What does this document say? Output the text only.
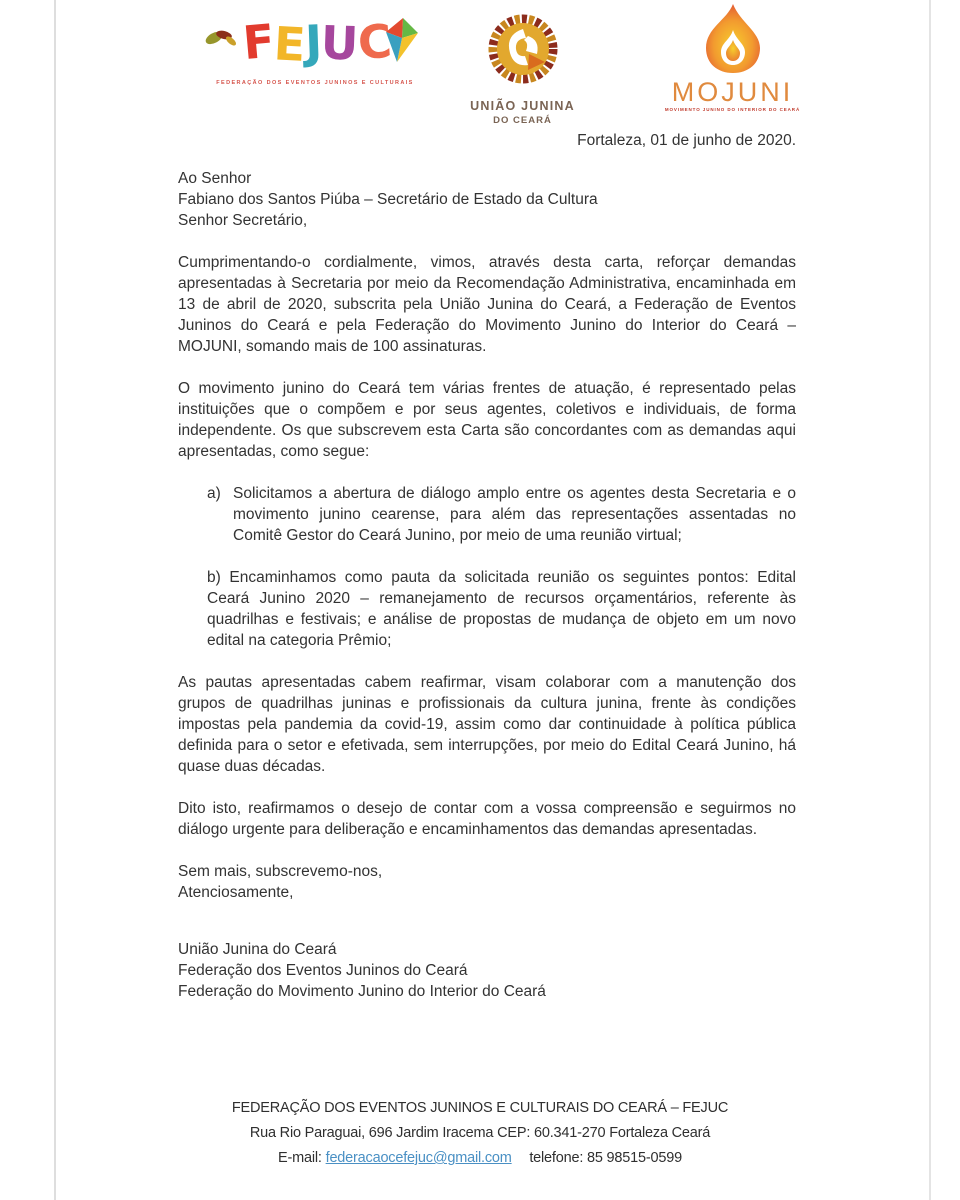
F E J U C
FEDERAÇÃO DOS EVENTOS JUNINOS E CULTURAIS
UNIÃO JUNINA
DO CEARÁ
MOJUNI
MOVIMENTO JUNINO DO INTERIOR DO CEARÁ
Fortaleza, 01 de junho de 2020.
Ao Senhor
Fabiano dos Santos Piúba – Secretário de Estado da Cultura
Senhor Secretário,
Cumprimentando-o cordialmente, vimos, através desta carta, reforçar demandas apresentadas à Secretaria por meio da Recomendação Administrativa, encaminhada em 13 de abril de 2020, subscrita pela União Junina do Ceará, a Federação de Eventos Juninos do Ceará e pela Federação do Movimento Junino do Interior do Ceará – MOJUNI, somando mais de 100 assinaturas.
O movimento junino do Ceará tem várias frentes de atuação, é representado pelas instituições que o compõem e por seus agentes, coletivos e individuais, de forma independente. Os que subscrevem esta Carta são concordantes com as demandas aqui apresentadas, como segue:
a) Solicitamos a abertura de diálogo amplo entre os agentes desta Secretaria e o movimento junino cearense, para além das representações assentadas no Comitê Gestor do Ceará Junino, por meio de uma reunião virtual;
b) Encaminhamos como pauta da solicitada reunião os seguintes pontos: Edital Ceará Junino 2020 – remanejamento de recursos orçamentários, referente às quadrilhas e festivais; e análise de propostas de mudança de objeto em um novo edital na categoria Prêmio;
As pautas apresentadas cabem reafirmar, visam colaborar com a manutenção dos grupos de quadrilhas juninas e profissionais da cultura junina, frente às condições impostas pela pandemia da covid-19, assim como dar continuidade à política pública definida para o setor e efetivada, sem interrupções, por meio do Edital Ceará Junino, há quase duas décadas.
Dito isto, reafirmamos o desejo de contar com a vossa compreensão e seguirmos no diálogo urgente para deliberação e encaminhamentos das demandas apresentadas.
Sem mais, subscrevemo-nos,
Atenciosamente,
União Junina do Ceará
Federação dos Eventos Juninos do Ceará
Federação do Movimento Junino do Interior do Ceará
FEDERAÇÃO DOS EVENTOS JUNINOS E CULTURAIS DO CEARÁ – FEJUC
Rua Rio Paraguai, 696 Jardim Iracema CEP: 60.341-270 Fortaleza Ceará
E-mail: federacaocefejuc@gmail.com telefone: 85 98515-0599
